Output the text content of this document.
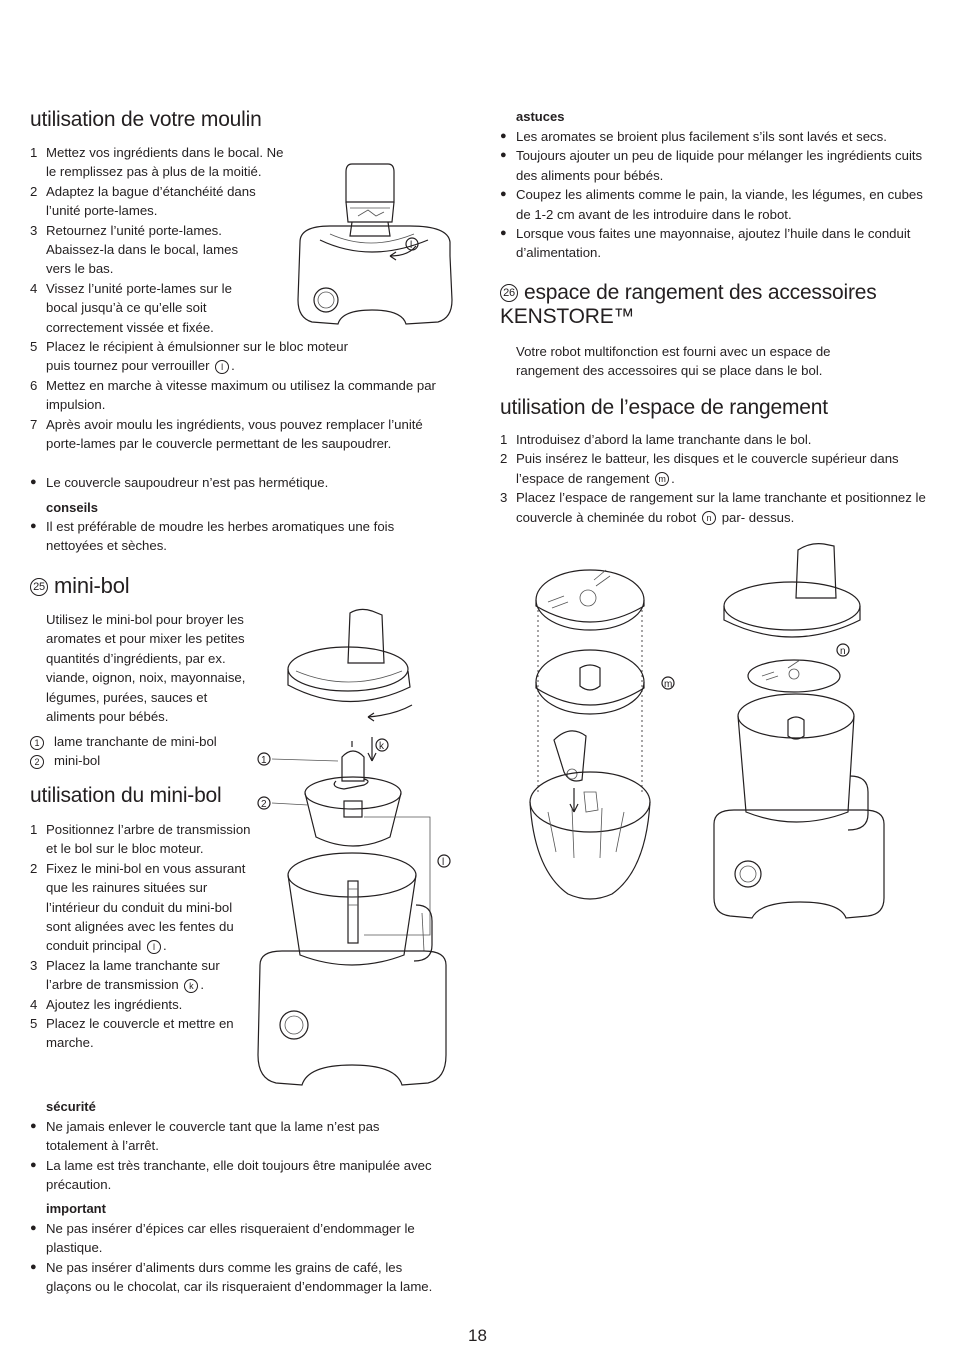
utilisation de votre moulin
1 Mettez vos ingrédients dans le bocal. Ne le remplissez pas à plus de la moitié.
2 Adaptez la bague d’étanchéité dans l’unité porte-lames.
3 Retournez l’unité porte-lames. Abaissez-la dans le bocal, lames vers le bas.
4 Vissez l’unité porte-lames sur le bocal jusqu’à ce qu’elle soit correctement vissée et fixée.
5 Placez le récipient à émulsionner sur le bloc moteur puis tournez pour verrouiller l .
6 Mettez en marche à vitesse maximum ou utilisez la commande par impulsion.
7 Après avoir moulu les ingrédients, vous pouvez remplacer l’unité porte-lames par le couvercle permettant de les saupoudrer.
● Le couvercle saupoudreur n’est pas hermétique.
conseils
● Il est préférable de moudre les herbes aromatiques une fois nettoyées et sèches.
l
25 mini-bol
Utilisez le mini-bol pour broyer les aromates et pour mixer les petites quantités d’ingrédients, par ex. viande, oignon, noix, mayonnaise, légumes, purées, sauces et aliments pour bébés.
1 lame tranchante de mini-bol
2 mini-bol
utilisation du mini-bol
1 Positionnez l’arbre de transmission et le bol sur le bloc moteur.
2 Fixez le mini-bol en vous assurant que les rainures situées sur l’intérieur du conduit du mini-bol sont alignées avec les fentes du conduit principal l .
3 Placez la lame tranchante sur l’arbre de transmission k .
4 Ajoutez les ingrédients.
5 Placez le couvercle et mettre en marche.
sécurité
● Ne jamais enlever le couvercle tant que la lame n’est pas totalement à l’arrêt.
● La lame est très tranchante, elle doit toujours être manipulée avec précaution.
important
● Ne pas insérer d’épices car elles risqueraient d’endommager le plastique.
● Ne pas insérer d’aliments durs comme les grains de café, les glaçons ou le chocolat, car ils risqueraient d’endommager la lame.
k
1
2
l
astuces
● Les aromates se broient plus facilement s’ils sont lavés et secs.
● Toujours ajouter un peu de liquide pour mélanger les ingrédients cuits des aliments pour bébés.
● Coupez les aliments comme le pain, la viande, les légumes, en cubes de 1-2 cm avant de les introduire dans le robot.
● Lorsque vous faites une mayonnaise, ajoutez l’huile dans le conduit d’alimentation.
26 espace de rangement des accessoires KENSTORE™
Votre robot multifonction est fourni avec un espace de rangement des accessoires qui se place dans le bol.
utilisation de l’espace de rangement
1 Introduisez d’abord la lame tranchante dans le bol.
2 Puis insérez le batteur, les disques et le couvercle supérieur dans l’espace de rangement m .
3 Placez l’espace de rangement sur la lame tranchante et positionnez le couvercle à cheminée du robot n par- dessus.
m
n
18
